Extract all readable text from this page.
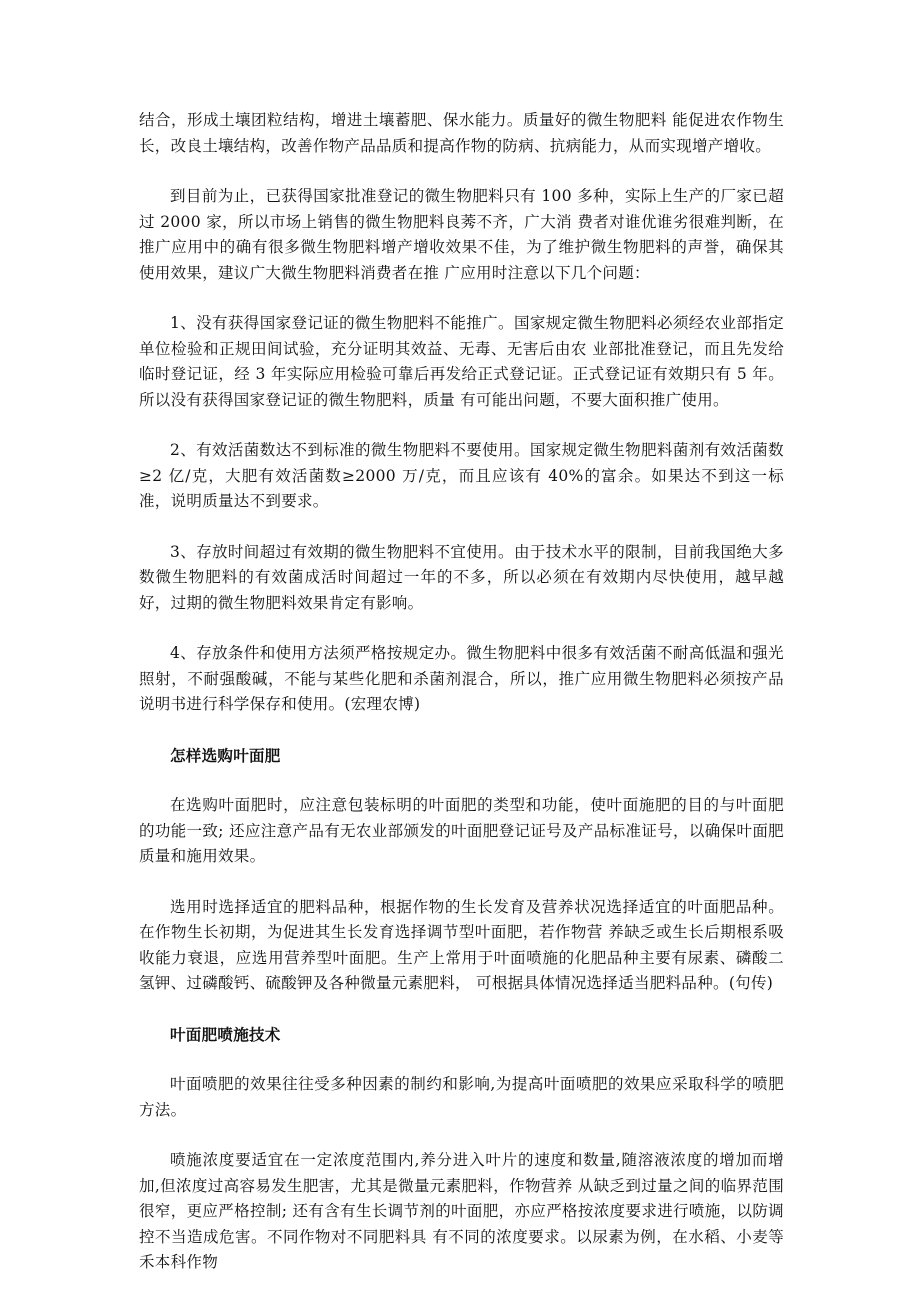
结合，形成土壤团粒结构，增进土壤蓄肥、保水能力。质量好的微生物肥料 能促进农作物生长，改良土壤结构，改善作物产品品质和提高作物的防病、抗病能力，从而实现增产增收。

到目前为止，已获得国家批准登记的微生物肥料只有 100 多种，实际上生产的厂家已超过 2000 家，所以市场上销售的微生物肥料良莠不齐，广大消 费者对谁优谁劣很难判断，在推广应用中的确有很多微生物肥料增产增收效果不佳，为了维护微生物肥料的声誉，确保其使用效果，建议广大微生物肥料消费者在推 广应用时注意以下几个问题：

1、没有获得国家登记证的微生物肥料不能推广。国家规定微生物肥料必须经农业部指定单位检验和正规田间试验，充分证明其效益、无毒、无害后由农 业部批准登记，而且先发给临时登记证，经 3 年实际应用检验可靠后再发给正式登记证。正式登记证有效期只有 5 年。所以没有获得国家登记证的微生物肥料，质量 有可能出问题，不要大面积推广使用。

2、有效活菌数达不到标准的微生物肥料不要使用。国家规定微生物肥料菌剂有效活菌数≥2 亿/克，大肥有效活菌数≥2000 万/克，而且应该有 40%的富余。如果达不到这一标准，说明质量达不到要求。

3、存放时间超过有效期的微生物肥料不宜使用。由于技术水平的限制，目前我国绝大多数微生物肥料的有效菌成活时间超过一年的不多，所以必须在有效期内尽快使用，越早越好，过期的微生物肥料效果肯定有影响。

4、存放条件和使用方法须严格按规定办。微生物肥料中很多有效活菌不耐高低温和强光照射，不耐强酸碱，不能与某些化肥和杀菌剂混合，所以，推广应用微生物肥料必须按产品说明书进行科学保存和使用。(宏理农博)

怎样选购叶面肥

在选购叶面肥时，应注意包装标明的叶面肥的类型和功能，使叶面施肥的目的与叶面肥的功能一致; 还应注意产品有无农业部颁发的叶面肥登记证号及产品标准证号，以确保叶面肥质量和施用效果。

选用时选择适宜的肥料品种，根据作物的生长发育及营养状况选择适宜的叶面肥品种。在作物生长初期，为促进其生长发育选择调节型叶面肥，若作物营 养缺乏或生长后期根系吸收能力衰退，应选用营养型叶面肥。生产上常用于叶面喷施的化肥品种主要有尿素、磷酸二氢钾、过磷酸钙、硫酸钾及各种微量元素肥料， 可根据具体情况选择适当肥料品种。(句传)

叶面肥喷施技术

叶面喷肥的效果往往受多种因素的制约和影响,为提高叶面喷肥的效果应采取科学的喷肥方法。

喷施浓度要适宜在一定浓度范围内,养分进入叶片的速度和数量,随溶液浓度的增加而增加,但浓度过高容易发生肥害，尤其是微量元素肥料，作物营养 从缺乏到过量之间的临界范围很窄，更应严格控制; 还有含有生长调节剂的叶面肥，亦应严格按浓度要求进行喷施，以防调控不当造成危害。不同作物对不同肥料具 有不同的浓度要求。以尿素为例，在水稻、小麦等禾本科作物
